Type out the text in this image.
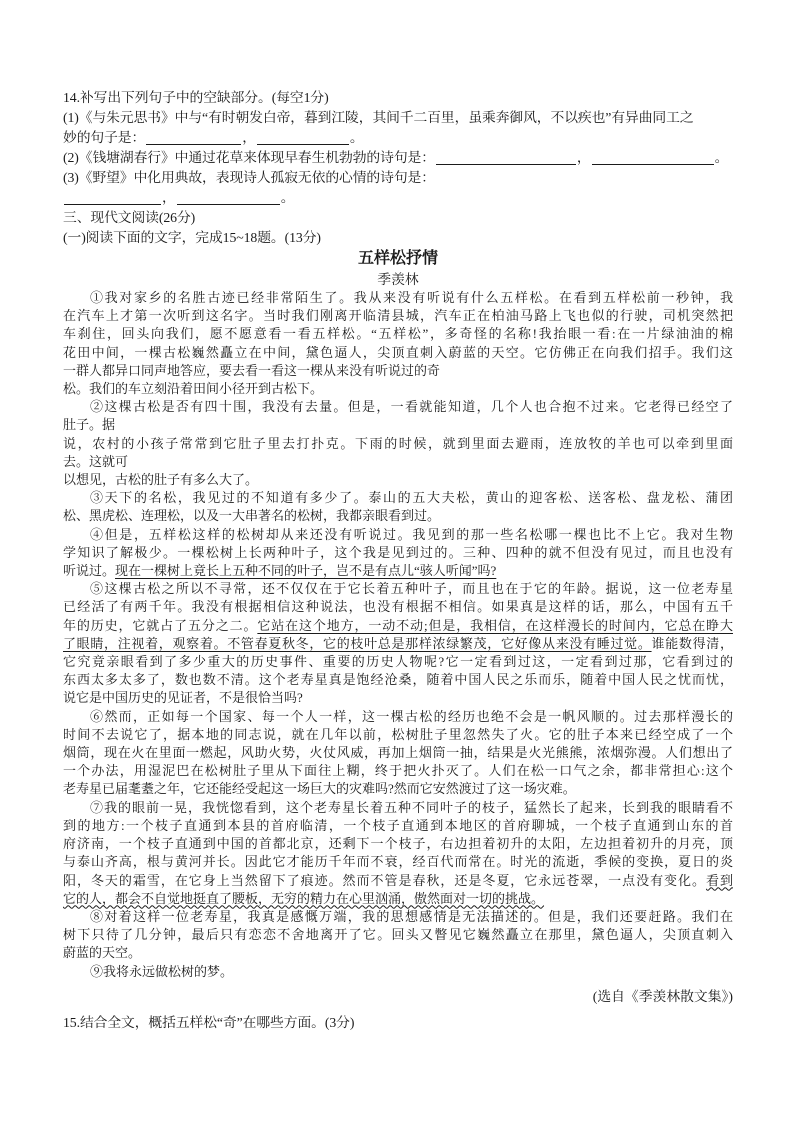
14.补写出下列句子中的空缺部分。(每空1分)
(1)《与朱元思书》中与“有时朝发白帝，暮到江陵，其间千二百里，虽乘奔御风，不以疾也”有异曲同工之
妙的句子是：	，	。
(2)《钱塘湖春行》中通过花草来体现早春生机勃勃的诗句是：	，	。
(3)《野望》中化用典故，表现诗人孤寂无依的心情的诗句是：
，	。
三、现代文阅读(26分)
(一)阅读下面的文字，完成15~18题。(13分)
五样松抒情
季羡林
①我对家乡的名胜古迹已经非常陌生了。我从来没有听说有什么五样松。在看到五样松前一秒钟，我
在汽车上才第一次听到这名字。当时我们刚离开临清县城，汽车正在柏油马路上飞也似的行驶，司机突然把
车刹住，回头向我们，愿不愿意看一看五样松。“五样松”，多奇怪的名称!我抬眼一看:在一片绿油油的棉
花田中间，一棵古松巍然矗立在中间，黛色逼人，尖顶直刺入蔚蓝的天空。它仿佛正在向我们招手。我们这
一群人都异口同声地答应，要去看一看这一棵从来没有听说过的奇
松。我们的车立刻沿着田间小径开到古松下。
②这棵古松是否有四十围，我没有去量。但是，一看就能知道，几个人也合抱不过来。它老得已经空了
肚子。据
说，农村的小孩子常常到它肚子里去打扑克。下雨的时候，就到里面去避雨，连放牧的羊也可以牵到里面
去。这就可
以想见，古松的肚子有多么大了。
③天下的名松，我见过的不知道有多少了。泰山的五大夫松，黄山的迎客松、送客松、盘龙松、蒲团
松、黑虎松、连理松，以及一大串著名的松树，我都亲眼看到过。
④但是，五样松这样的松树却从来还没有听说过。我见到的那一些名松哪一棵也比不上它。我对生物
学知识了解极少。一棵松树上长两种叶子，这个我是见到过的。三种、四种的就不但没有见过，而且也没有
听说过。现在一棵树上竟长上五种不同的叶子，岂不是有点儿“骇人听闻”吗?
⑤这棵古松之所以不寻常，还不仅仅在于它长着五种叶子，而且也在于它的年龄。据说，这一位老寿星
已经活了有两千年。我没有根据相信这种说法，也没有根据不相信。如果真是这样的话，那么，中国有五千
年的历史，它就占了五分之二。它站在这个地方，一动不动;但是，我相信，在这样漫长的时间内，它总在睁大
了眼睛，注视着，观察着。不管春夏秋冬，它的枝叶总是那样浓绿繁茂，它好像从来没有睡过觉。谁能数得清，
它究竟亲眼看到了多少重大的历史事件、重要的历史人物呢?它一定看到过这，一定看到过那，它看到过的
东西太多太多了，数也数不清。这个老寿星真是饱经沧桑，随着中国人民之乐而乐，随着中国人民之忧而忧，
说它是中国历史的见证者，不是很恰当吗?
⑥然而，正如每一个国家、每一个人一样，这一棵古松的经历也绝不会是一帆风顺的。过去那样漫长的
时间不去说它了，据本地的同志说，就在几年以前，松树肚子里忽然失了火。它的肚子本来已经空成了一个
烟筒，现在火在里面一燃起，风助火势，火仗风威，再加上烟筒一抽，结果是火光熊熊，浓烟弥漫。人们想出了
一个办法，用湿泥巴在松树肚子里从下面往上糊，终于把火扑灭了。人们在松一口气之余，都非常担心:这个
老寿星已届耄耋之年，它还能经受起这一场巨大的灾难吗?然而它安然渡过了这一场灾难。
⑦我的眼前一晃，我恍惚看到，这个老寿星长着五种不同叶子的枝子，猛然长了起来，长到我的眼睛看不
到的地方:一个枝子直通到本县的首府临清，一个枝子直通到本地区的首府聊城，一个枝子直通到山东的首
府济南，一个枝子直通到中国的首都北京，还剩下一个枝子，右边担着初升的太阳，左边担着初升的月亮，顶
与泰山齐高，根与黄河并长。因此它才能历千年而不衰，经百代而常在。时光的流逝，季候的变换，夏日的炎
阳，冬天的霜雪，在它身上当然留下了痕迹。然而不管是春秋，还是冬夏，它永远苍翠，一点没有变化。看到
它的人，都会不自觉地挺直了腰板，无穷的精力在心里汹涌，傲然面对一切的挑战。
⑧对着这样一位老寿星，我真是感慨万端，我的思想感情是无法描述的。但是，我们还要赶路。我们在
树下只待了几分钟，最后只有恋恋不舍地离开了它。回头又瞥见它巍然矗立在那里，黛色逼人，尖顶直刺入
蔚蓝的天空。
⑨我将永远做松树的梦。
(选自《季羡林散文集》)
15.结合全文，概括五样松“奇”在哪些方面。(3分)
